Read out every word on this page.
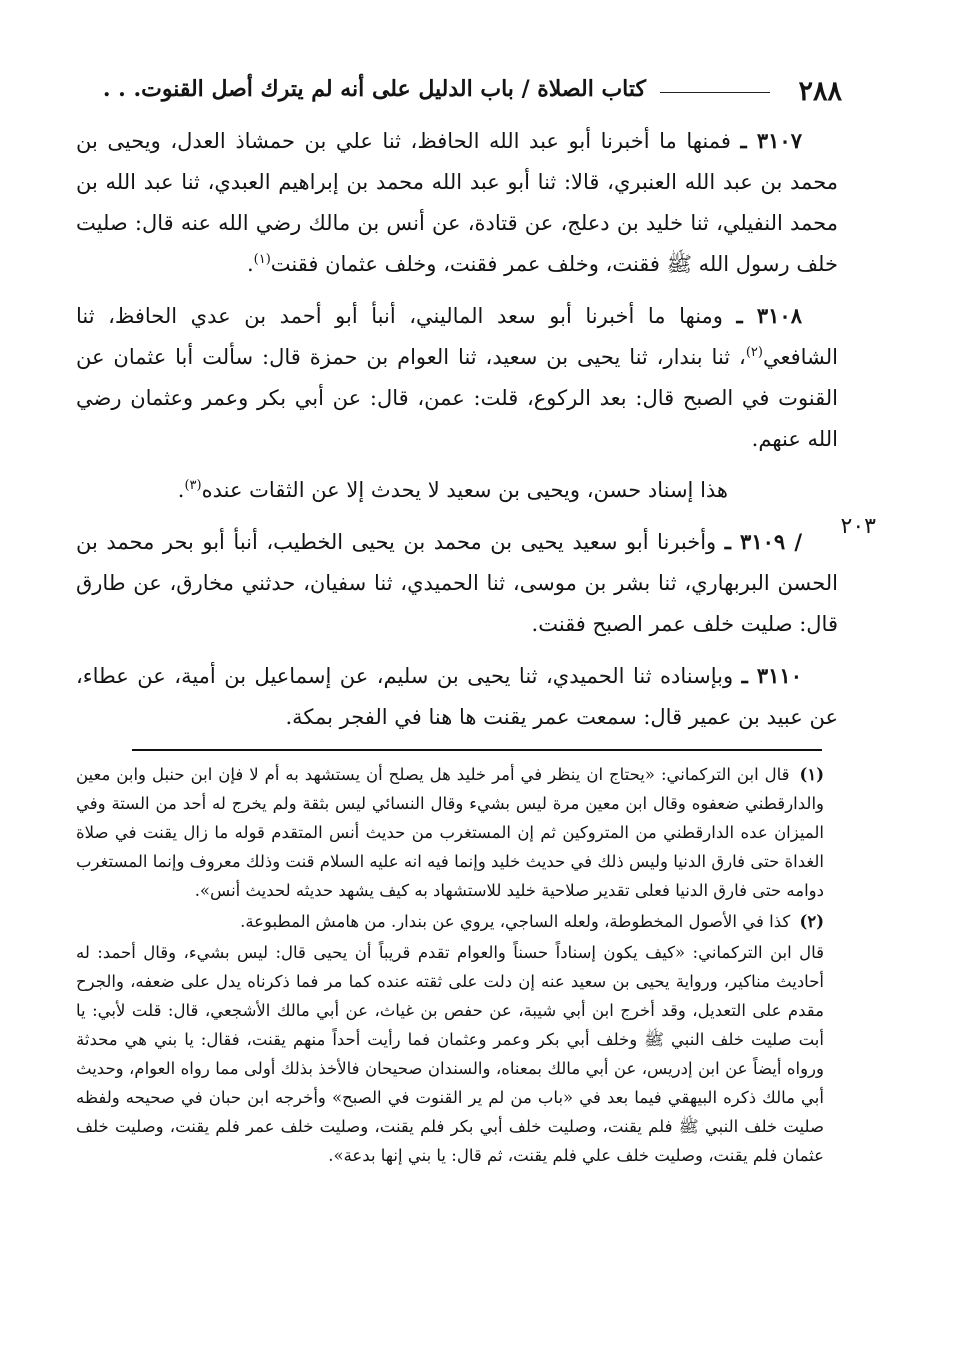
٢٨٨
كتاب الصلاة / باب الدليل على أنه لم يترك أصل القنوت. . .
٢٠٣

٣١٠٧ ـ فمنها ما أخبرنا أبو عبد الله الحافظ، ثنا علي بن حمشاذ العدل، ويحيى بن محمد بن عبد الله العنبري، قالا: ثنا أبو عبد الله محمد بن إبراهيم العبدي، ثنا عبد الله بن محمد النفيلي، ثنا خليد بن دعلج، عن قتادة، عن أنس بن مالك رضي الله عنه قال: صليت خلف رسول الله ﷺ فقنت، وخلف عمر فقنت، وخلف عثمان فقنت$^{(١)}$.

٣١٠٨ ـ ومنها ما أخبرنا أبو سعد الماليني، أنبأ أبو أحمد بن عدي الحافظ، ثنا الشافعي$^{(٢)}$، ثنا بندار، ثنا يحيى بن سعيد، ثنا العوام بن حمزة قال: سألت أبا عثمان عن القنوت في الصبح قال: بعد الركوع، قلت: عمن، قال: عن أبي بكر وعمر وعثمان رضي الله عنهم.

هذا إسناد حسن، ويحيى بن سعيد لا يحدث إلا عن الثقات عنده$^{(٣)}$.

/ ٣١٠٩ ـ وأخبرنا أبو سعيد يحيى بن محمد بن يحيى الخطيب، أنبأ أبو بحر محمد بن الحسن البربهاري، ثنا بشر بن موسى، ثنا الحميدي، ثنا سفيان، حدثني مخارق، عن طارق قال: صليت خلف عمر الصبح فقنت.

٣١١٠ ـ وبإسناده ثنا الحميدي، ثنا يحيى بن سليم، عن إسماعيل بن أمية، عن عطاء، عن عبيد بن عمير قال: سمعت عمر يقنت ها هنا في الفجر بمكة.

(١) قال ابن التركماني: «يحتاج ان ينظر في أمر خليد هل يصلح أن يستشهد به أم لا فإن ابن حنبل وابن معين والدارقطني ضعفوه وقال ابن معين مرة ليس بشيء وقال النسائي ليس بثقة ولم يخرج له أحد من الستة وفي الميزان عده الدارقطني من المتروكين ثم إن المستغرب من حديث أنس المتقدم قوله ما زال يقنت في صلاة الغداة حتى فارق الدنيا وليس ذلك في حديث خليد وإنما فيه انه عليه السلام قنت وذلك معروف وإنما المستغرب دوامه حتى فارق الدنيا فعلى تقدير صلاحية خليد للاستشهاد به كيف يشهد حديثه لحديث أنس».

(٢) كذا في الأصول المخطوطة، ولعله الساجي، يروي عن بندار. من هامش المطبوعة.

قال ابن التركماني: «كيف يكون إسناداً حسناً والعوام تقدم قريباً أن يحيى قال: ليس بشيء، وقال أحمد: له أحاديث مناكير، ورواية يحيى بن سعيد عنه إن دلت على ثقته عنده كما مر فما ذكرناه يدل على ضعفه، والجرح مقدم على التعديل، وقد أخرج ابن أبي شيبة، عن حفص بن غياث، عن أبي مالك الأشجعي، قال: قلت لأبي: يا أبت صليت خلف النبي ﷺ وخلف أبي بكر وعمر وعثمان فما رأيت أحداً منهم يقنت، فقال: يا بني هي محدثة ورواه أيضاً عن ابن إدريس، عن أبي مالك بمعناه، والسندان صحيحان فالأخذ بذلك أولى مما رواه العوام، وحديث أبي مالك ذكره البيهقي فيما بعد في «باب من لم ير القنوت في الصبح» وأخرجه ابن حبان في صحيحه ولفظه صليت خلف النبي ﷺ فلم يقنت، وصليت خلف أبي بكر فلم يقنت، وصليت خلف عمر فلم يقنت، وصليت خلف عثمان فلم يقنت، وصليت خلف علي فلم يقنت، ثم قال: يا بني إنها بدعة».
